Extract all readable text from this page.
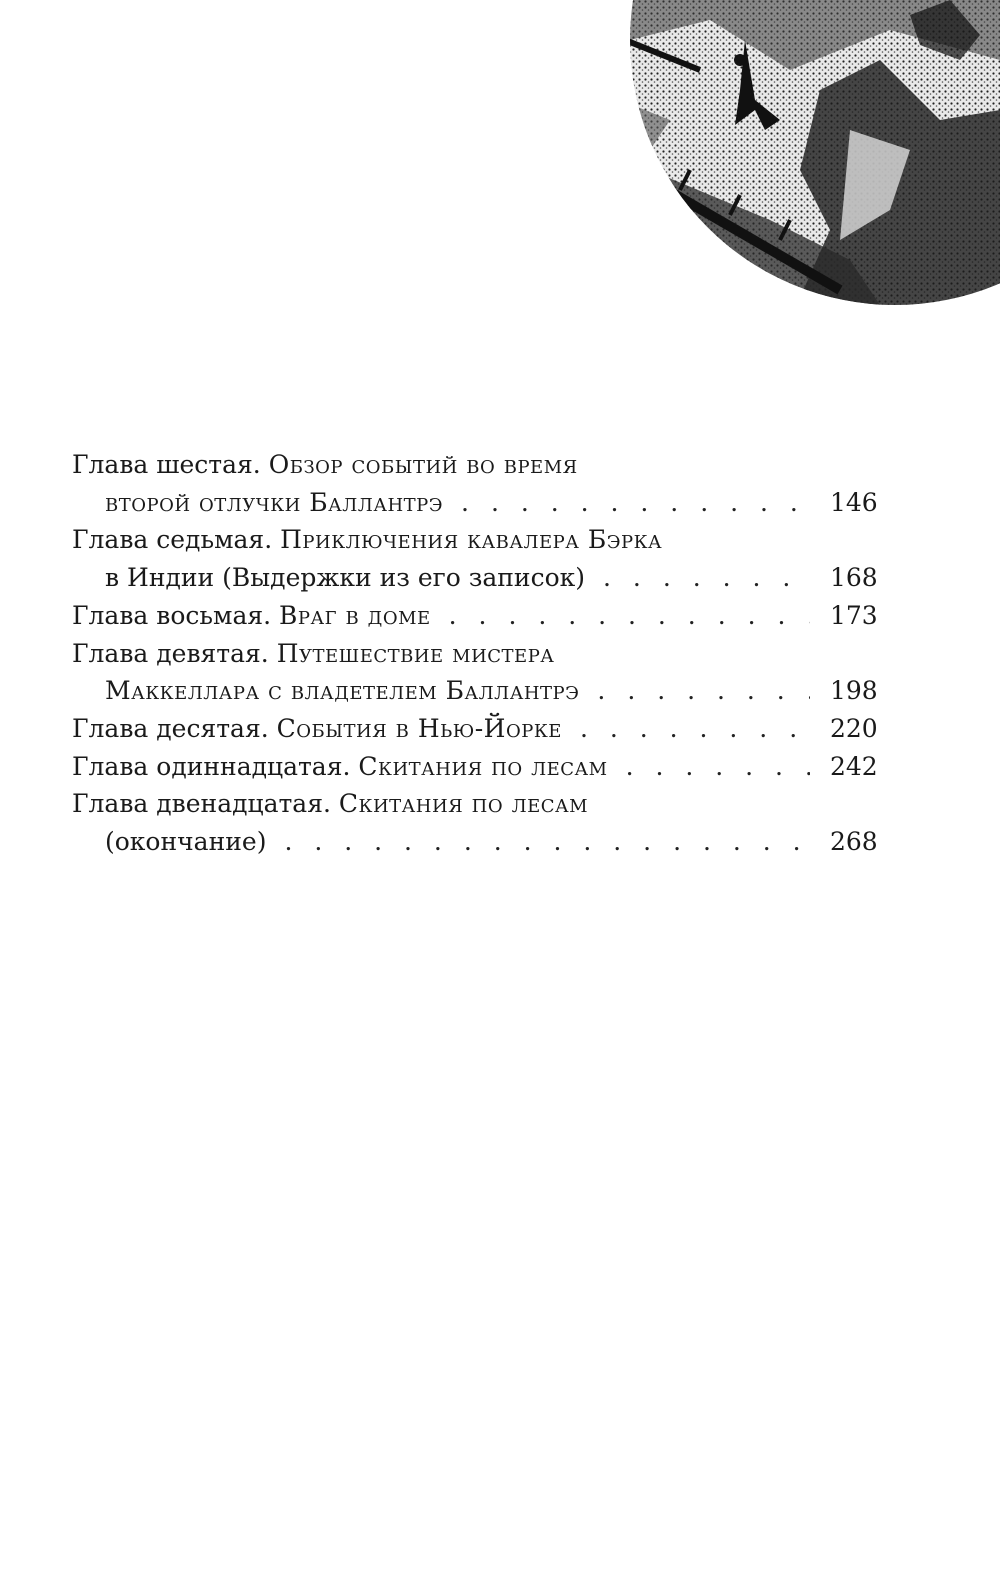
Глава шестая.
Обзор событий во время
второй отлучки Баллантрэ . . .	146
Глава седьмая.
Приключения кавалера Бэрка
в Индии (Выдержки из его записок) . . .	168
Глава восьмая.
Враг в доме . . .	173
Глава девятая.
Путешествие мистера
Маккеллара с владетелем Баллантрэ . . .	198
Глава десятая.
События в Нью-Йорке . . .	220
Глава одиннадцатая.
Скитания по лесам . . .	242
Глава двенадцатая.
Скитания по лесам
(окончание) . . .	268
